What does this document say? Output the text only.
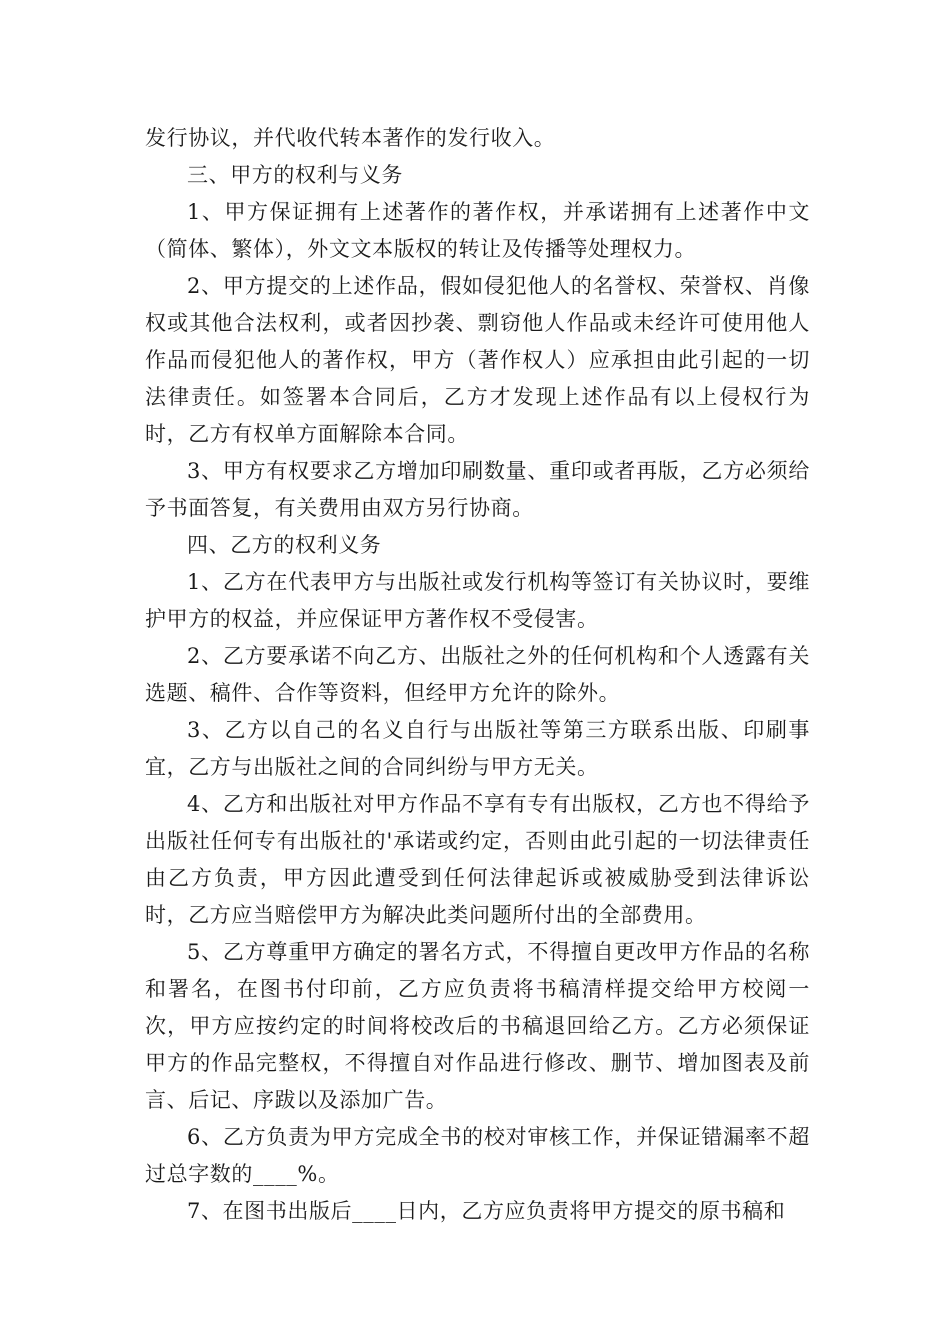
发行协议，并代收代转本著作的发行收入。

三、甲方的权利与义务

1、甲方保证拥有上述著作的著作权，并承诺拥有上述著作中文（简体、繁体），外文文本版权的转让及传播等处理权力。

2、甲方提交的上述作品，假如侵犯他人的名誉权、荣誉权、肖像权或其他合法权利，或者因抄袭、剽窃他人作品或未经许可使用他人作品而侵犯他人的著作权，甲方（著作权人）应承担由此引起的一切法律责任。如签署本合同后，乙方才发现上述作品有以上侵权行为时，乙方有权单方面解除本合同。

3、甲方有权要求乙方增加印刷数量、重印或者再版，乙方必须给予书面答复，有关费用由双方另行协商。

四、乙方的权利义务

1、乙方在代表甲方与出版社或发行机构等签订有关协议时，要维护甲方的权益，并应保证甲方著作权不受侵害。

2、乙方要承诺不向乙方、出版社之外的任何机构和个人透露有关选题、稿件、合作等资料，但经甲方允许的除外。

3、乙方以自己的名义自行与出版社等第三方联系出版、印刷事宜，乙方与出版社之间的合同纠纷与甲方无关。

4、乙方和出版社对甲方作品不享有专有出版权，乙方也不得给予出版社任何专有出版社的'承诺或约定，否则由此引起的一切法律责任由乙方负责，甲方因此遭受到任何法律起诉或被威胁受到法律诉讼时，乙方应当赔偿甲方为解决此类问题所付出的全部费用。

5、乙方尊重甲方确定的署名方式，不得擅自更改甲方作品的名称和署名，在图书付印前，乙方应负责将书稿清样提交给甲方校阅一次，甲方应按约定的时间将校改后的书稿退回给乙方。乙方必须保证甲方的作品完整权，不得擅自对作品进行修改、删节、增加图表及前言、后记、序跋以及添加广告。

6、乙方负责为甲方完成全书的校对审核工作，并保证错漏率不超过总字数的____%。

7、在图书出版后____日内，乙方应负责将甲方提交的原书稿和
